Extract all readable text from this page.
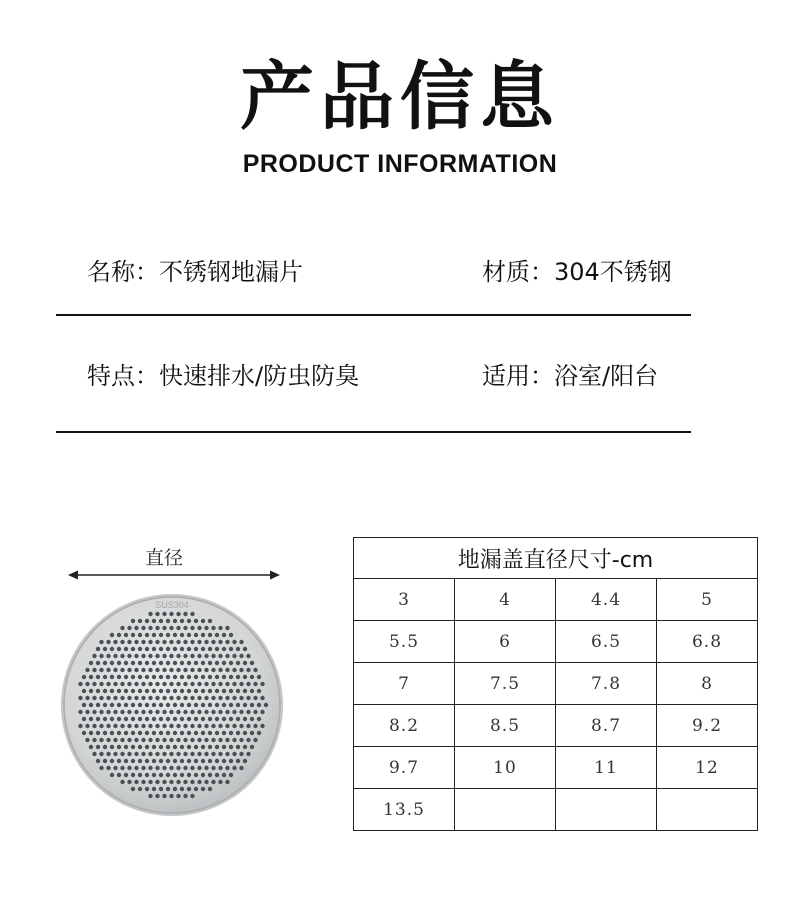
产品信息
PRODUCT INFORMATION
名称：不锈钢地漏片	材质：304不锈钢
特点：快速排水/防虫防臭	适用：浴室/阳台
直径
SUS304
地漏盖直径尺寸-cm			
3	4	4.4	5
5.5	6	6.5	6.8
7	7.5	7.8	8
8.2	8.5	8.7	9.2
9.7	10	11	12
13.5			
